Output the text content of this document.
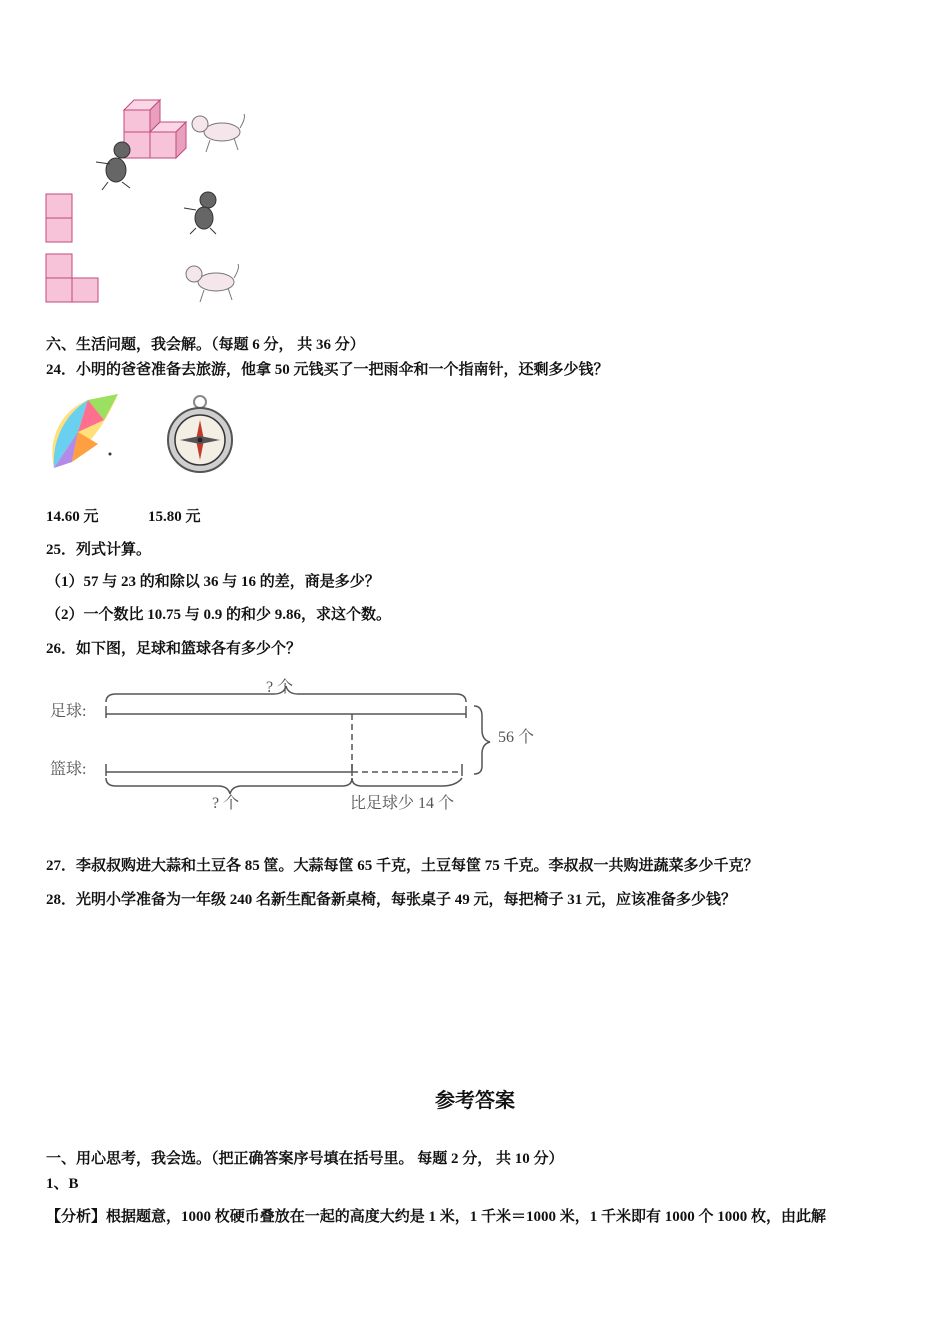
六、生活问题，我会解。（每题 6 分， 共 36 分）
24．小明的爸爸准备去旅游，他拿 50 元钱买了一把雨伞和一个指南针，还剩多少钱？
14.60 元	15.80 元
25．列式计算。
（1）57 与 23 的和除以 36 与 16 的差，商是多少？
（2）一个数比 10.75 与 0.9 的和少 9.86，求这个数。
26．如下图，足球和篮球各有多少个？
足球:
篮球:
? 个
? 个
56 个
比足球少 14 个
27．李叔叔购进大蒜和土豆各 85 筐。大蒜每筐 65 千克，土豆每筐 75 千克。李叔叔一共购进蔬菜多少千克？
28．光明小学准备为一年级 240 名新生配备新桌椅，每张桌子 49 元，每把椅子 31 元，应该准备多少钱？
参考答案
一、用心思考，我会选。（把正确答案序号填在括号里。 每题 2 分， 共 10 分）
1、B
【分析】根据题意，1000 枚硬币叠放在一起的高度大约是 1 米，1 千米＝1000 米，1 千米即有 1000 个 1000 枚，由此解
